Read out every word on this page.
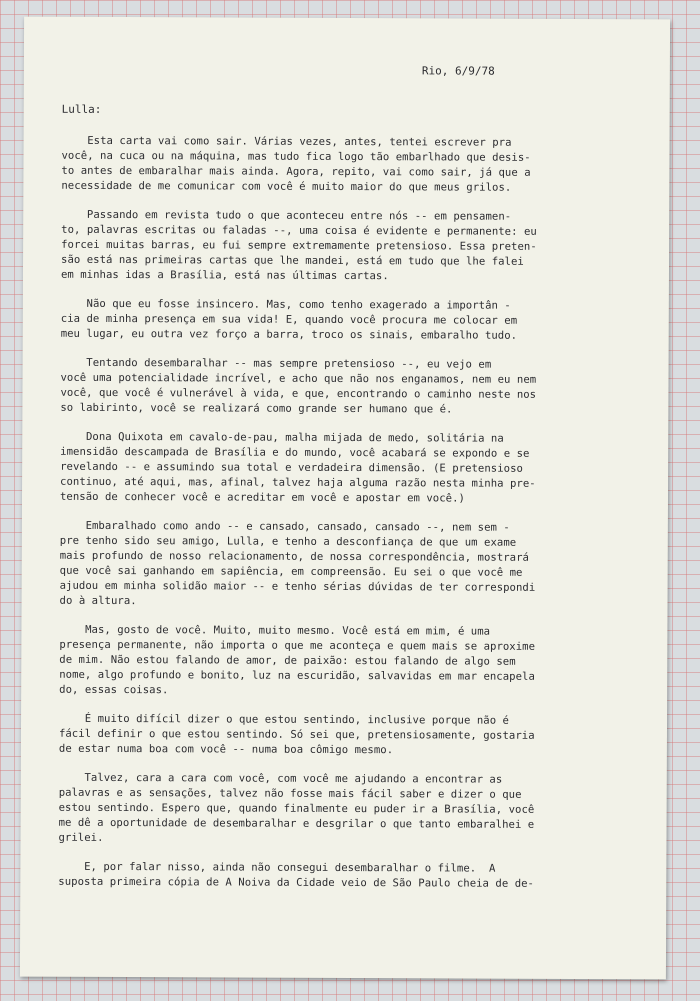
Rio, 6/9/78

Lulla:

Esta carta vai como sair. Várias vezes, antes, tentei escrever pra

você, na cuca ou na máquina, mas tudo fica logo tão embarlhado que desis-

to antes de embaralhar mais ainda. Agora, repito, vai como sair, já que a

necessidade de me comunicar com você é muito maior do que meus grilos.

Passando em revista tudo o que aconteceu entre nós -- em pensamen-

to, palavras escritas ou faladas --, uma coisa é evidente e permanente: eu

forcei muitas barras, eu fui sempre extremamente pretensioso. Essa preten-

são está nas primeiras cartas que lhe mandei, está em tudo que lhe falei

em minhas idas a Brasília, está nas últimas cartas.

Não que eu fosse insincero. Mas, como tenho exagerado a importân -

cia de minha presença em sua vida! E, quando você procura me colocar em

meu lugar, eu outra vez forço a barra, troco os sinais, embaralho tudo.

Tentando desembaralhar -- mas sempre pretensioso --, eu vejo em

você uma potencialidade incrível, e acho que não nos enganamos, nem eu nem

você, que você é vulnerável à vida, e que, encontrando o caminho neste nos

so labirinto, você se realizará como grande ser humano que é.

Dona Quixota em cavalo-de-pau, malha mijada de medo, solitária na

imensidão descampada de Brasília e do mundo, você acabará se expondo e se

revelando -- e assumindo sua total e verdadeira dimensão. (E pretensioso

continuo, até aqui, mas, afinal, talvez haja alguma razão nesta minha pre-

tensão de conhecer você e acreditar em você e apostar em você.)

Embaralhado como ando -- e cansado, cansado, cansado --, nem sem -

pre tenho sido seu amigo, Lulla, e tenho a desconfiança de que um exame

mais profundo de nosso relacionamento, de nossa correspondência, mostrará

que você sai ganhando em sapiência, em compreensão. Eu sei o que você me

ajudou em minha solidão maior -- e tenho sérias dúvidas de ter correspondi

do à altura.

Mas, gosto de você. Muito, muito mesmo. Você está em mim, é uma

presença permanente, não importa o que me aconteça e quem mais se aproxime

de mim. Não estou falando de amor, de paixão: estou falando de algo sem

nome, algo profundo e bonito, luz na escuridão, salvavidas em mar encapela

do, essas coisas.

É muito difícil dizer o que estou sentindo, inclusive porque não é

fácil definir o que estou sentindo. Só sei que, pretensiosamente, gostaria

de estar numa boa com você -- numa boa cômigo mesmo.

Talvez, cara a cara com você, com você me ajudando a encontrar as

palavras e as sensações, talvez não fosse mais fácil saber e dizer o que

estou sentindo. Espero que, quando finalmente eu puder ir a Brasília, você

me dê a oportunidade de desembaralhar e desgrilar o que tanto embaralhei e

grilei.

E, por falar nisso, ainda não consegui desembaralhar o filme.  A

suposta primeira cópia de A Noiva da Cidade veio de São Paulo cheia de de-
